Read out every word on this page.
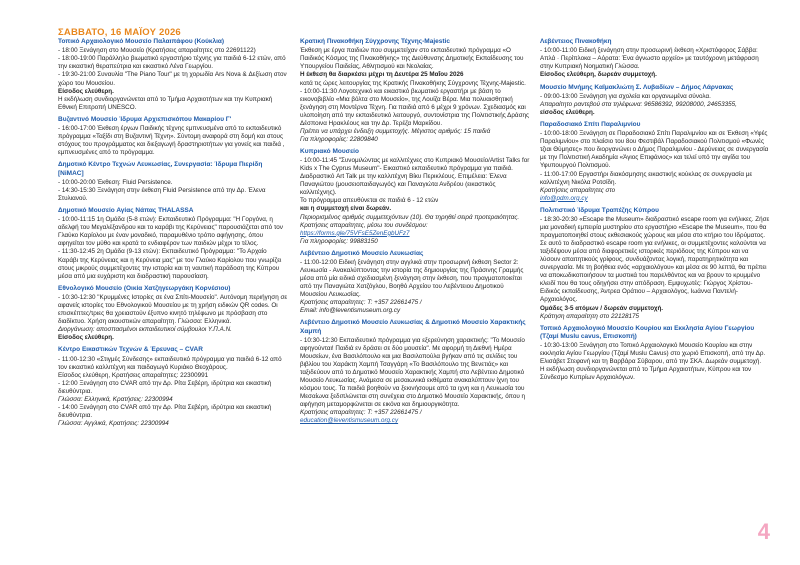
ΣΑΒΒΑΤΟ, 16 ΜΑΪΟΥ 2026
Τοπικό Αρχαιολογικό Μουσείο Παλαιπάφου (Κούκλια)
- 18:00 Ξενάγηση στο Μουσείο (Κρατήσεις απαραίτητες στο 22691122)
- 18:00-19:00 Παράλληλο βιωματικό εργαστήριο τέχνης για παιδιά 6-12 ετών, από την εικαστική θεραπεύτρια και εικαστικό Λένα Γεωργίου.
- 19:30-21:00 Συναυλία "The Piano Tour" με τη χορωδία Ars Nova & Δεξίωση στον χώρο του Μουσείου.
Είσοδος ελεύθερη.
Η εκδήλωση συνδιοργανώνεται από το Τμήμα Αρχαιοτήτων και την Κυπριακή Εθνική Επιτροπή UNESCO.
Βυζαντινό Μουσείο Ίδρυμα Αρχιεπισκόπου Μακαρίου Γ'
- 16:00-17:00 Έκθεση έργων Παιδικής τέχνης εμπνευσμένα από το εκπαιδευτικό πρόγραμμα «Ταξίδι στη Βυζαντινή Τέχνη». Σύντομη αναφορά στη δομή και στους στόχους του προγράμματος και διεξαγωγή δραστηριοτήτων για γονείς και παιδιά , εμπνευσμένες από το πρόγραμμα.
Δημοτικό Κέντρο Τεχνών Λευκωσίας, Συνεργασία: Ίδρυμα Πιερίδη [NiMAC]
- 10:00-20:00 Έκθεση: Fluid Persistence.
- 14:30-15:30 Ξενάγηση στην έκθεση Fluid Persistence από την Δρ. Έλενα Στυλιανού.
Δημοτικό Μουσείο Αγίας Νάπας THALASSA
- 10:00-11:15 1η Ομάδα (5-8 ετών): Εκπαιδευτικό Πρόγραμμα: "Η Γοργόνα, η αδελφή του Μεγαλέξανδρου και το καράβι της Κερύνειας" παρουσιάζεται από τον Γλαύκο Καρίολου με έναν μοναδικό, παραμυθένιο τρόπο αφήγησης, όπου αφηγείται τον μύθο και κρατά το ενδιαφέρον των παιδιών μέχρι το τέλος.
- 11:30-12:45 2η Ομάδα (9-13 ετών): Εκπαιδευτικό Πρόγραμμα: "Το Αρχαίο Καράβι της Κερύνειας και η Κερύνεια μας" με τον Γλαύκο Καρίολου που γνωρίζει στους μικρούς συμμετέχοντες την ιστορία και τη ναυτική παράδοση της Κύπρου μέσα από μια ευχάριστη και διαδραστική παρουσίαση.
Εθνολογικό Μουσείο (Οικία Χατζηγεωργάκη Κορνέσιου)
- 10:30-12:30 "Κρυμμένες Ιστορίες σε ένα Σπίτι-Μουσείο". Αυτόνομη περιήγηση σε αφανείς ιστορίες του Εθνολογικού Μουσείου με τη χρήση ειδικών QR codes. Οι επισκέπτες/τριες θα χρειαστούν έξυπνο κινητό τηλέφωνο με πρόσβαση στο διαδίκτυο. Χρήση ακουστικών απαραίτητη. Γλώσσα: Ελληνικά.
Διοργάνωση: αποσπασμένοι εκπαιδευτικοί σύμβουλοι Υ.Π.Α.Ν.
Είσοδος ελεύθερη.
Κέντρο Εικαστικών Τεχνών & Έρευνας – CVAR
- 11:00-12:30 «Στιγμές Σύνδεσης» εκπαιδευτικό πρόγραμμα για παιδιά 6-12 από τον εικαστικό καλλιτέχνη και παιδαγωγό Κυριάκο Θεοχάρους.
Είσοδος ελεύθερη, Κρατήσεις απαραίτητες: 22300991
- 12:00 Ξενάγηση στο CVAR από την Δρ. Ρίτα Σεβέρη, ιδρύτρια και εικαστική διευθύντρια.
Γλώσσα: Ελληνικά, Κρατήσεις: 22300994
- 14:00 Ξενάγηση στο CVAR από την Δρ. Ρίτα Σεβέρη, ιδρύτρια και εικαστική διευθύντρια.
Γλώσσα: Αγγλικά, Κρατήσεις: 22300994
Κρατική Πινακοθήκη Σύγχρονης Τέχνης-Majestic
Έκθεση με έργα παιδιών που συμμετείχαν στο εκπαιδευτικό πρόγραμμα «Ο Παιδικός Κόσμος της Πινακοθήκης» της Διεύθυνσης Δημοτικής Εκπαίδευσης του Υπουργείου Παιδείας, Αθλητισμού και Νεολαίας.
Η έκθεση θα διαρκέσει μέχρι τη Δευτέρα 25 Μαΐου 2026
κατά τις ώρες λειτουργίας της Κρατικής Πινακοθήκης Σύγχρονης Τέχνης-Majestic.
- 10:00-11:30 Λογοτεχνικό και εικαστικό βιωματικό εργαστήρι με βάση το εικονοβιβλίο «Μια βόλτα στο Μουσείο», της Λουίζα Βέρα. Μια πολυαισθητική ξενάγηση στη Μοντέρνα Τέχνη. Για παιδιά από 6 μέχρι 9 χρόνων. Σχεδιασμός και υλοποίηση από την εκπαιδευτικό λειτουργό, συντονίστρια της Πολιτιστικής Δράσης Δέσποινα Ηρακλέους και την Δρ. Τερέζα Μαρκίδου.
Πρέπει να υπάρχει ένδειξη συμμετοχής. Μέγιστος αριθμός: 15 παιδιά
Για πληροφορίες: 22809840
Κυπριακό Μουσείο
- 10:00-11:45 "Συνομιλώντας με καλλιτέχνες στο Κυπριακό Μουσείο/Artist Talks for Kids x The Cyprus Museum"- Εικαστικό εκπαιδευτικό πρόγραμμα για παιδιά. Διαδραστικό Art Talk με την καλλιτέχνη Βίκυ Περικλέους. Επιμέλεια: Έλενα Παναγιώτου (μουσειοπαιδαγωγός) και Παναγιώτα Ανδρέου (εικαστικός καλλιτέχνης).
Το πρόγραμμα απευθύνεται σε παιδιά 6 - 12 ετών
και η συμμετοχή είναι δωρεάν.
Περιορισμένος αριθμός συμμετεχόντων (10). Θα τηρηθεί σειρά προτεραιότητας. Κρατήσεις απαραίτητες, μέσω του συνδέσμου:
https://forms.gle/75VFsE5ZenEgbUFz7
Για πληροφορίες: 99883150
Λεβέντειο Δημοτικό Μουσείο Λευκωσίας
- 11:00-12:00 Ειδική ξενάγηση στην αγγλικά στην προσωρινή έκθεση Sector 2: Λευκωσία - Ανακαλύπτοντας την ιστορία της δημιουργίας της Πράσινης Γραμμής μέσα από μία ειδικά σχεδιασμένη ξενάγηση στην έκθεση, που πραγματοποιείται από την Παναγιώτα Χατζόγλου, Βοηθό Αρχείου του Λεβέντειου Δημοτικού Μουσείου Λευκωσίας.
Κρατήσεις απαραίτητες: T: +357 22661475 /
Email: info@leventismuseum.org.cy
Λεβέντειο Δημοτικό Μουσείο Λευκωσίας & Δημοτικό Μουσείο Χαρακτικής Χαμπή
- 10:30-12:30 Εκπαιδευτικό πρόγραμμα για εξερεύνηση χαρακτικής: "Το Μουσείο αφηγούνται! Παιδιά εν δράσει σε δύο μουσεία". Με αφορμή τη Διεθνή Ημέρα Μουσείων, ένα Βασιλόπουλο και μια Βασιλοπούλα βγήκαν από τις σελίδες του βιβλίου του Χαράκτη Χαμπή Τσαγγάρη «Το Βασιλόπουλο της Βενετιάς» και ταξιδεύουν από το Δημοτικό Μουσείο Χαρακτικής Χαμπή στο Λεβέντειο Δημοτικό Μουσείο Λευκωσίας. Ανάμεσα σε μεσαιωνικά εκθέματα ανακαλύπτουν ίχνη του κόσμου τους. Τα παιδιά βοηθούν να ξεκινήσουμε από τα ιχνη και η Λευκωσία του Μεσαίωνα ξεδιπλώνεται στη συνέχεια στο Δημοτικό Μουσείο Χαρακτικής, όπου η αφήγηση μεταμορφώνεται σε εικόνα και δημιουργικότητα.
Κρατήσεις απαραίτητες: T: +357 22661475 /
education@leventismuseum.org.cy
Λεβέντειος Πινακοθήκη
- 10:00-11:00 Ειδική ξενάγηση στην προσωρινή έκθεση «Χριστόφορος Σάββα: Απλά · Περίπλοκα – Αόρατα: Ένα άγνωστο αρχείο» με ταυτόχρονη μετάφραση στην Κυπριακή Νοηματική Γλώσσα.
Είσοδος ελεύθερη, δωρεάν συμμετοχή.
Μουσείο Μνήμης Καϊμακλιώτη Σ. Λυβαδίων – Δήμος Λάρνακας
- 09:00-13:00 Ξενάγηση για σχολεία και οργανωμένα σύνολα.
Απαραίτητο ραντεβού στα τηλέφωνα: 96586392, 99208000, 24653355,
είσοδος ελεύθερη.
Παραδοσιακό Σπίτι Παραλιμνίου
- 10:00-18:00 Ξενάγηση σε Παραδοσιακό Σπίτι Παραλιμνίου και σε Έκθεση «Υφές Παραλιμνίου» στο πλαίσιο του 8ου Φεστιβάλ Παραδοσιακού Πολιτισμού «Φωνές τζιαι Θύμησες» που διοργανώνει ο Δήμος Παραλιμνίου - Δερύνειας σε συνεργασία με την Πολιτιστική Ακαδημία «Άγιος Επιφάνιος» και τελεί υπό την αιγίδα του Υφυπουργού Πολιτισμού.
- 11:00-17:00 Εργαστήρι διακόσμησης εικαστικής κούκλας σε συνεργασία με καλλιτέχνη Νικόλα Ροτσίδη.
Κρατήσεις απαραίτητες στο
info@pdm.org.cy
Πολιτιστικό Ίδρυμα Τραπέζης Κύπρου
- 18:30-20:30 «Escape the Museum» διαδραστικό escape room για ενήλικες. Ζήσε μια μοναδική εμπειρία μυστηρίου στο εργαστήριο «Escape the Museum», που θα πραγματοποιηθεί στους εκθεσιακούς χώρους και μέσα στο κτήριο του Ιδρύματος. Σε αυτό το διαδραστικό escape room για ενήλικες, οι συμμετέχοντες καλούνται να ταξιδέψουν μέσα από διαφορετικές ιστορικές περιόδους της Κύπρου και να λύσουν απαιτητικούς γρίφους, συνδυάζοντας λογική, παρατηρητικότητα και συνεργασία. Με τη βοήθεια ενός «αρχαιολόγου» και μέσα σε 90 λεπτά, θα πρέπει να αποκωδικοποιήσουν τα μυστικά του παρελθόντος και να βρουν το κρυμμένο κλειδί που θα τους οδηγήσει στην απόδραση. Εμψυχωτές: Γιώργος Χρίστου-Ειδικός εκπαίδευσης, Άντρεα Οράτιου – Αρχαιολόγος, Ιωάννα Παντελή- Αρχαιολόγος.
Ομάδες 3-5 ατόμων / δωρεάν συμμετοχή.
Κράτηση απαραίτητη στο 22128175
Τοπικό Αρχαιολογικό Μουσείο Κουρίου και Εκκλησία Αγίου Γεωργίου (Τζαμί Muslu cavus, Επισκοπή)
- 10:30-13:00 Ξενάγηση στο Τοπικό Αρχαιολογικό Μουσείο Κουρίου και στην εκκλησία Αγίου Γεωργίου (Τζαμί Muslu Cavus) στο χωριό Επισκοπή, από την Δρ. Ελισάβετ Στεφανή και τη Βαρβάρα Σύβαρου, από την ΣΚΑ. Δωρεάν συμμετοχή.
Η εκδήλωση συνδιοργανώνεται από το Τμήμα Αρχαιοτήτων, Κύπρου και τον Σύνδεσμο Κυπρίων Αρχαιολόγων.
4
